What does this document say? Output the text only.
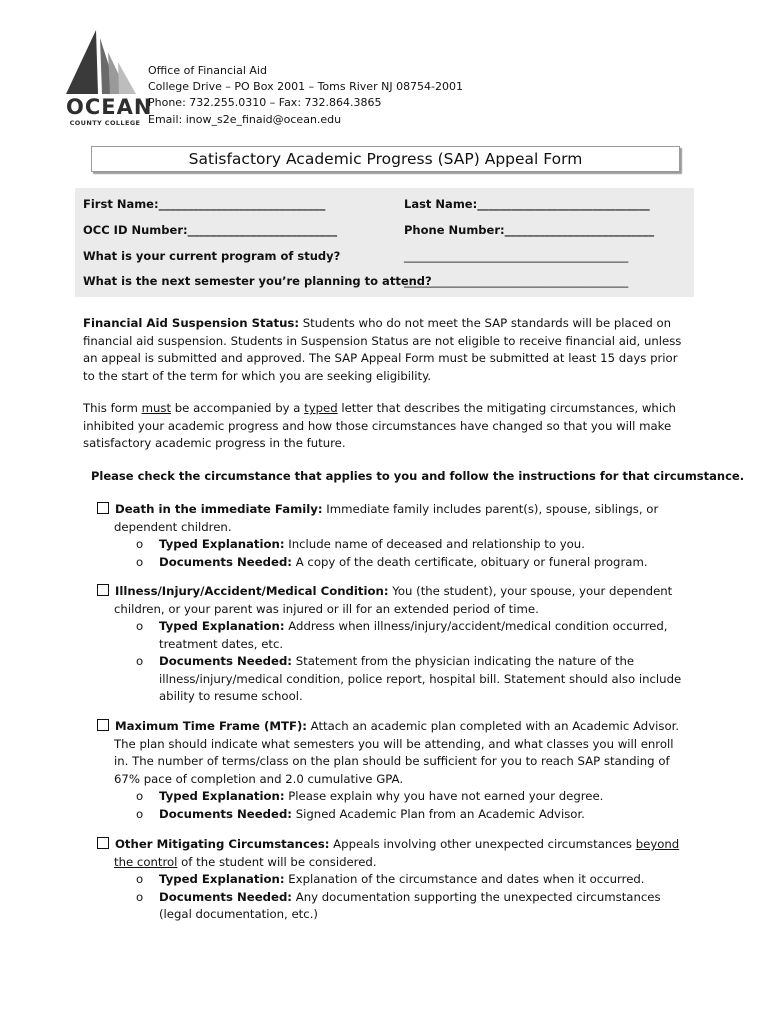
OCEAN
COUNTY COLLEGE
Office of Financial Aid
College Drive – PO Box 2001 – Toms River NJ 08754-2001
Phone: 732.255.0310 – Fax: 732.864.3865
Email: inow_s2e_finaid@ocean.edu
Satisfactory Academic Progress (SAP) Appeal Form
First Name:_____________________________	Last Name:______________________________
OCC ID Number:__________________________	Phone Number:__________________________
What is your current program of study?	_______________________________________
What is the next semester you’re planning to attend?
_______________________________________
Financial Aid Suspension Status: Students who do not meet the SAP standards will be placed on financial aid suspension. Students in Suspension Status are not eligible to receive financial aid, unless an appeal is submitted and approved. The SAP Appeal Form must be submitted at least 15 days prior to the start of the term for which you are seeking eligibility.
This form must be accompanied by a typed letter that describes the mitigating circumstances, which inhibited your academic progress and how those circumstances have changed so that you will make satisfactory academic progress in the future.
Please check the circumstance that applies to you and follow the instructions for that circumstance.
Death in the immediate Family: Immediate family includes parent(s), spouse, siblings, or dependent children.
o Typed Explanation: Include name of deceased and relationship to you.
o Documents Needed: A copy of the death certificate, obituary or funeral program.
Illness/Injury/Accident/Medical Condition: You (the student), your spouse, your dependent children, or your parent was injured or ill for an extended period of time.
o Typed Explanation: Address when illness/injury/accident/medical condition occurred, treatment dates, etc.
o Documents Needed: Statement from the physician indicating the nature of the illness/injury/medical condition, police report, hospital bill. Statement should also include ability to resume school.
Maximum Time Frame (MTF): Attach an academic plan completed with an Academic Advisor. The plan should indicate what semesters you will be attending, and what classes you will enroll in. The number of terms/class on the plan should be sufficient for you to reach SAP standing of 67% pace of completion and 2.0 cumulative GPA.
o Typed Explanation: Please explain why you have not earned your degree.
o Documents Needed: Signed Academic Plan from an Academic Advisor.
Other Mitigating Circumstances: Appeals involving other unexpected circumstances beyond the control of the student will be considered.
o Typed Explanation: Explanation of the circumstance and dates when it occurred.
o Documents Needed: Any documentation supporting the unexpected circumstances (legal documentation, etc.)
